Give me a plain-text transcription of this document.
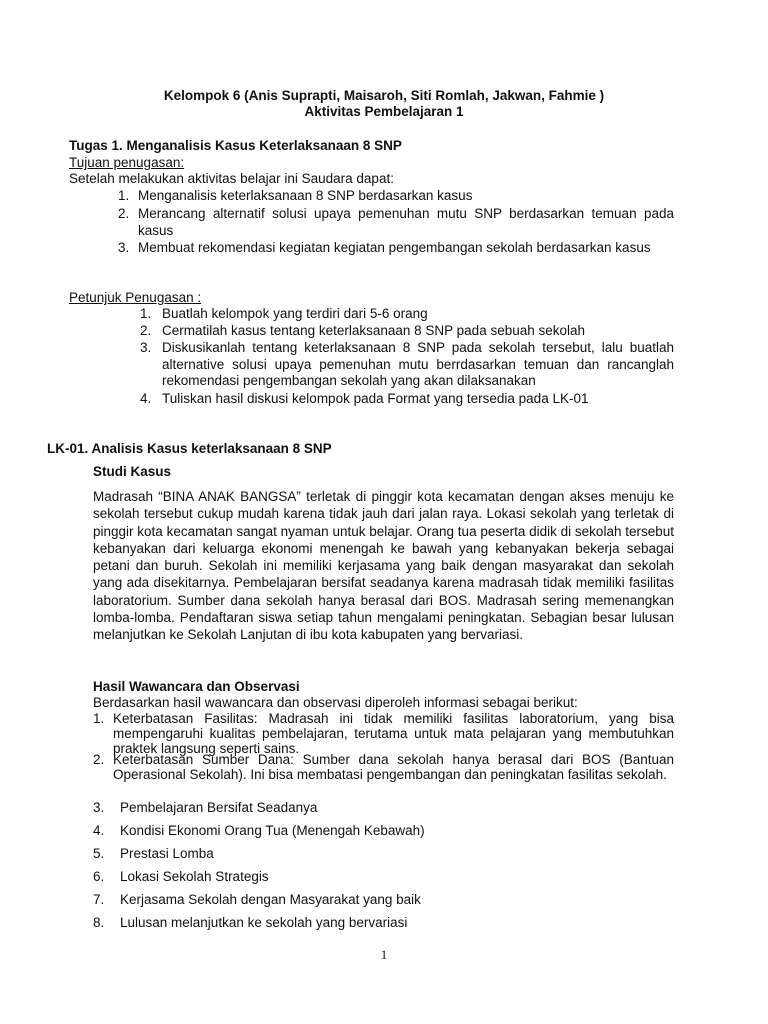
Kelompok 6 (Anis Suprapti, Maisaroh, Siti Romlah, Jakwan, Fahmie )
Aktivitas Pembelajaran 1
Tugas 1. Menganalisis Kasus Keterlaksanaan 8 SNP
Tujuan penugasan:
Setelah melakukan aktivitas belajar ini Saudara dapat:
1. Menganalisis keterlaksanaan 8 SNP berdasarkan kasus
2. Merancang alternatif solusi upaya pemenuhan mutu SNP berdasarkan temuan pada kasus
3. Membuat rekomendasi kegiatan kegiatan pengembangan sekolah berdasarkan kasus
Petunjuk Penugasan :
1. Buatlah kelompok yang terdiri dari 5-6 orang
2. Cermatilah kasus tentang keterlaksanaan 8 SNP pada sebuah sekolah
3. Diskusikanlah tentang keterlaksanaan 8 SNP pada sekolah tersebut, lalu buatlah alternative solusi upaya pemenuhan mutu berrdasarkan temuan dan rancanglah rekomendasi pengembangan sekolah yang akan dilaksanakan
4. Tuliskan hasil diskusi kelompok pada Format yang tersedia pada LK-01
LK-01. Analisis Kasus keterlaksanaan 8 SNP
Studi Kasus
Madrasah “BINA ANAK BANGSA” terletak di pinggir kota kecamatan dengan akses menuju ke sekolah tersebut cukup mudah karena tidak jauh dari jalan raya. Lokasi sekolah yang terletak di pinggir kota kecamatan sangat nyaman untuk belajar. Orang tua peserta didik di sekolah tersebut kebanyakan dari keluarga ekonomi menengah ke bawah yang kebanyakan bekerja sebagai petani dan buruh. Sekolah ini memiliki kerjasama yang baik dengan masyarakat dan sekolah yang ada disekitarnya. Pembelajaran bersifat seadanya karena madrasah tidak memiliki fasilitas laboratorium. Sumber dana sekolah hanya berasal dari BOS. Madrasah sering memenangkan lomba-lomba. Pendaftaran siswa setiap tahun mengalami peningkatan. Sebagian besar lulusan melanjutkan ke Sekolah Lanjutan di ibu kota kabupaten yang bervariasi.
Hasil Wawancara dan Observasi
Berdasarkan hasil wawancara dan observasi diperoleh informasi sebagai berikut:
1. Keterbatasan Fasilitas: Madrasah ini tidak memiliki fasilitas laboratorium, yang bisa mempengaruhi kualitas pembelajaran, terutama untuk mata pelajaran yang membutuhkan praktek langsung seperti sains.
2. Keterbatasan Sumber Dana: Sumber dana sekolah hanya berasal dari BOS (Bantuan Operasional Sekolah). Ini bisa membatasi pengembangan dan peningkatan fasilitas sekolah.
3. Pembelajaran Bersifat Seadanya
4. Kondisi Ekonomi Orang Tua (Menengah Kebawah)
5. Prestasi Lomba
6. Lokasi Sekolah Strategis
7. Kerjasama Sekolah dengan Masyarakat yang baik
8. Lulusan melanjutkan ke sekolah yang bervariasi
1
